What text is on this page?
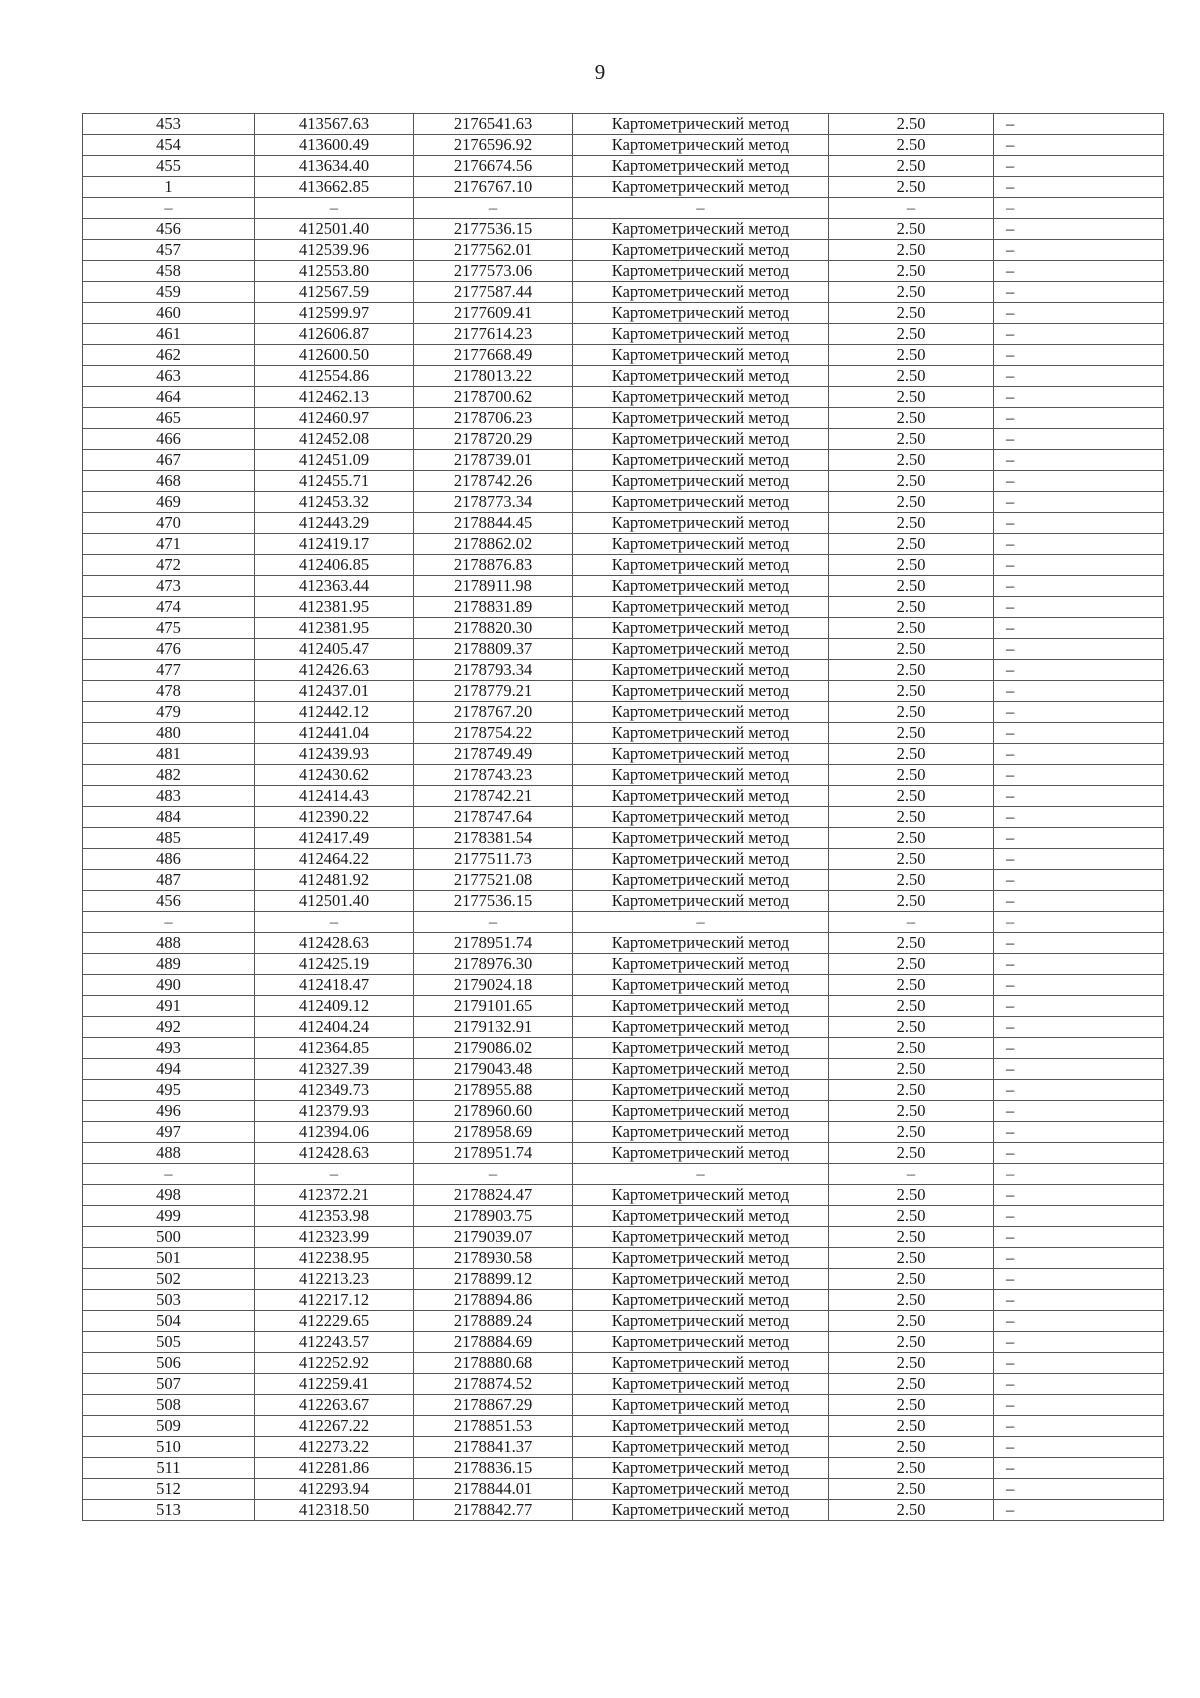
9
453	413567.63	2176541.63	Картометрический метод	2.50	–
454	413600.49	2176596.92	Картометрический метод	2.50	–
455	413634.40	2176674.56	Картометрический метод	2.50	–
1	413662.85	2176767.10	Картометрический метод	2.50	–
–	–	–	–	–	–
456	412501.40	2177536.15	Картометрический метод	2.50	–
457	412539.96	2177562.01	Картометрический метод	2.50	–
458	412553.80	2177573.06	Картометрический метод	2.50	–
459	412567.59	2177587.44	Картометрический метод	2.50	–
460	412599.97	2177609.41	Картометрический метод	2.50	–
461	412606.87	2177614.23	Картометрический метод	2.50	–
462	412600.50	2177668.49	Картометрический метод	2.50	–
463	412554.86	2178013.22	Картометрический метод	2.50	–
464	412462.13	2178700.62	Картометрический метод	2.50	–
465	412460.97	2178706.23	Картометрический метод	2.50	–
466	412452.08	2178720.29	Картометрический метод	2.50	–
467	412451.09	2178739.01	Картометрический метод	2.50	–
468	412455.71	2178742.26	Картометрический метод	2.50	–
469	412453.32	2178773.34	Картометрический метод	2.50	–
470	412443.29	2178844.45	Картометрический метод	2.50	–
471	412419.17	2178862.02	Картометрический метод	2.50	–
472	412406.85	2178876.83	Картометрический метод	2.50	–
473	412363.44	2178911.98	Картометрический метод	2.50	–
474	412381.95	2178831.89	Картометрический метод	2.50	–
475	412381.95	2178820.30	Картометрический метод	2.50	–
476	412405.47	2178809.37	Картометрический метод	2.50	–
477	412426.63	2178793.34	Картометрический метод	2.50	–
478	412437.01	2178779.21	Картометрический метод	2.50	–
479	412442.12	2178767.20	Картометрический метод	2.50	–
480	412441.04	2178754.22	Картометрический метод	2.50	–
481	412439.93	2178749.49	Картометрический метод	2.50	–
482	412430.62	2178743.23	Картометрический метод	2.50	–
483	412414.43	2178742.21	Картометрический метод	2.50	–
484	412390.22	2178747.64	Картометрический метод	2.50	–
485	412417.49	2178381.54	Картометрический метод	2.50	–
486	412464.22	2177511.73	Картометрический метод	2.50	–
487	412481.92	2177521.08	Картометрический метод	2.50	–
456	412501.40	2177536.15	Картометрический метод	2.50	–
–	–	–	–	–	–
488	412428.63	2178951.74	Картометрический метод	2.50	–
489	412425.19	2178976.30	Картометрический метод	2.50	–
490	412418.47	2179024.18	Картометрический метод	2.50	–
491	412409.12	2179101.65	Картометрический метод	2.50	–
492	412404.24	2179132.91	Картометрический метод	2.50	–
493	412364.85	2179086.02	Картометрический метод	2.50	–
494	412327.39	2179043.48	Картометрический метод	2.50	–
495	412349.73	2178955.88	Картометрический метод	2.50	–
496	412379.93	2178960.60	Картометрический метод	2.50	–
497	412394.06	2178958.69	Картометрический метод	2.50	–
488	412428.63	2178951.74	Картометрический метод	2.50	–
–	–	–	–	–	–
498	412372.21	2178824.47	Картометрический метод	2.50	–
499	412353.98	2178903.75	Картометрический метод	2.50	–
500	412323.99	2179039.07	Картометрический метод	2.50	–
501	412238.95	2178930.58	Картометрический метод	2.50	–
502	412213.23	2178899.12	Картометрический метод	2.50	–
503	412217.12	2178894.86	Картометрический метод	2.50	–
504	412229.65	2178889.24	Картометрический метод	2.50	–
505	412243.57	2178884.69	Картометрический метод	2.50	–
506	412252.92	2178880.68	Картометрический метод	2.50	–
507	412259.41	2178874.52	Картометрический метод	2.50	–
508	412263.67	2178867.29	Картометрический метод	2.50	–
509	412267.22	2178851.53	Картометрический метод	2.50	–
510	412273.22	2178841.37	Картометрический метод	2.50	–
511	412281.86	2178836.15	Картометрический метод	2.50	–
512	412293.94	2178844.01	Картометрический метод	2.50	–
513	412318.50	2178842.77	Картометрический метод	2.50	–
